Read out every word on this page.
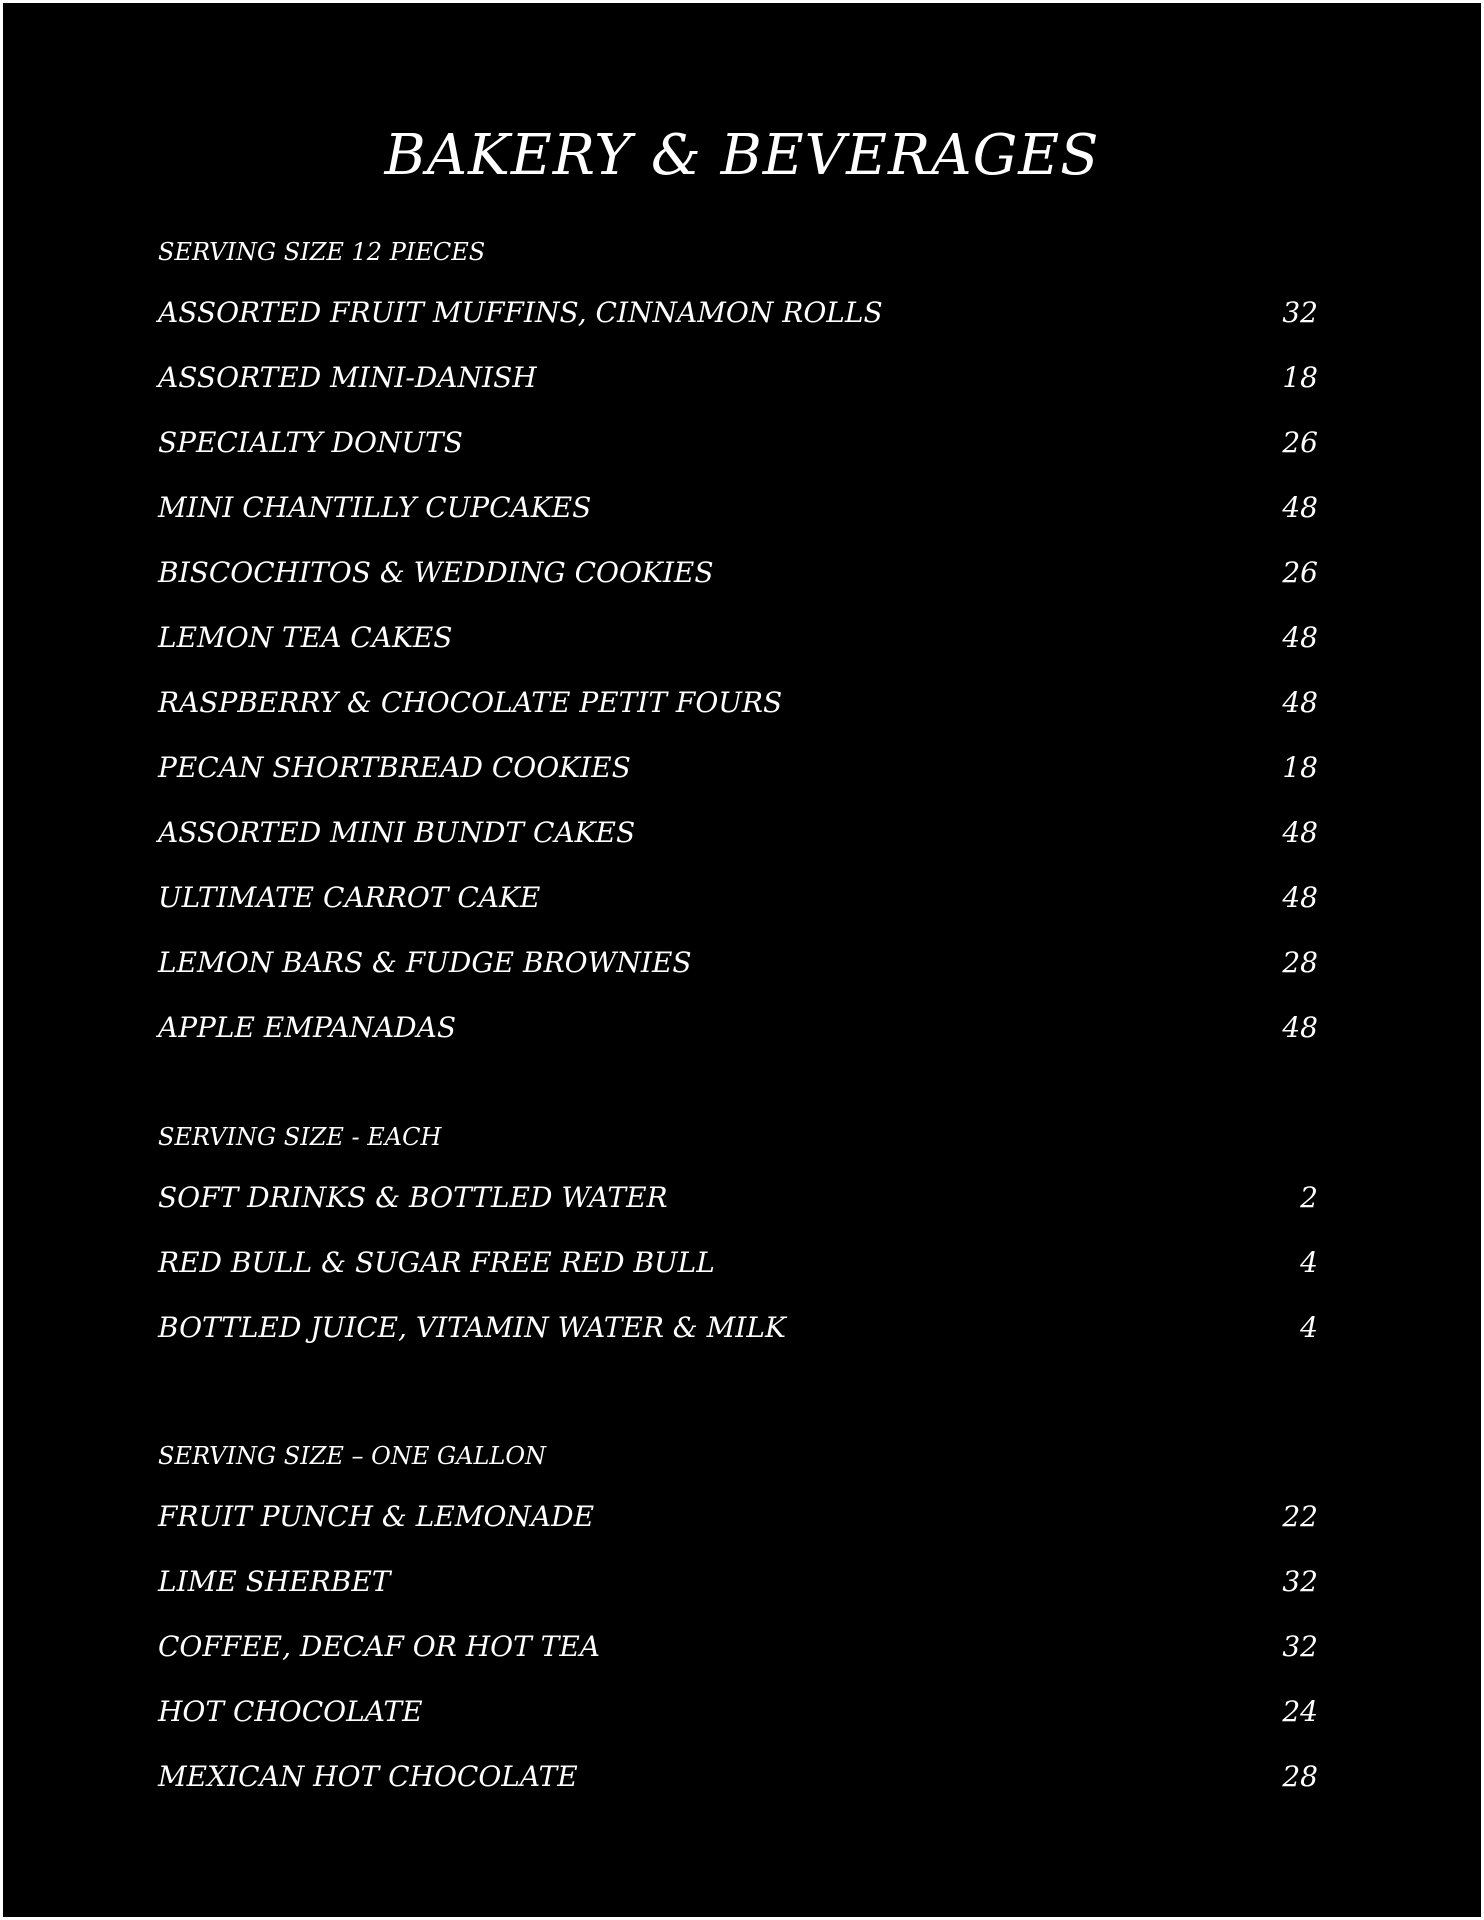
BAKERY & BEVERAGES
SERVING SIZE 12 PIECES
ASSORTED FRUIT MUFFINS, CINNAMON ROLLS	32
ASSORTED MINI-DANISH	18
SPECIALTY DONUTS	26
MINI CHANTILLY CUPCAKES	48
BISCOCHITOS & WEDDING COOKIES	26
LEMON TEA CAKES	48
RASPBERRY & CHOCOLATE PETIT FOURS	48
PECAN SHORTBREAD COOKIES	18
ASSORTED MINI BUNDT CAKES	48
ULTIMATE CARROT CAKE	48
LEMON BARS & FUDGE BROWNIES	28
APPLE EMPANADAS	48
SERVING SIZE - EACH
SOFT DRINKS & BOTTLED WATER	2
RED BULL & SUGAR FREE RED BULL	4
BOTTLED JUICE, VITAMIN WATER & MILK	4
SERVING SIZE – ONE GALLON
FRUIT PUNCH & LEMONADE	22
LIME SHERBET	32
COFFEE, DECAF OR HOT TEA	32
HOT CHOCOLATE	24
MEXICAN HOT CHOCOLATE	28
